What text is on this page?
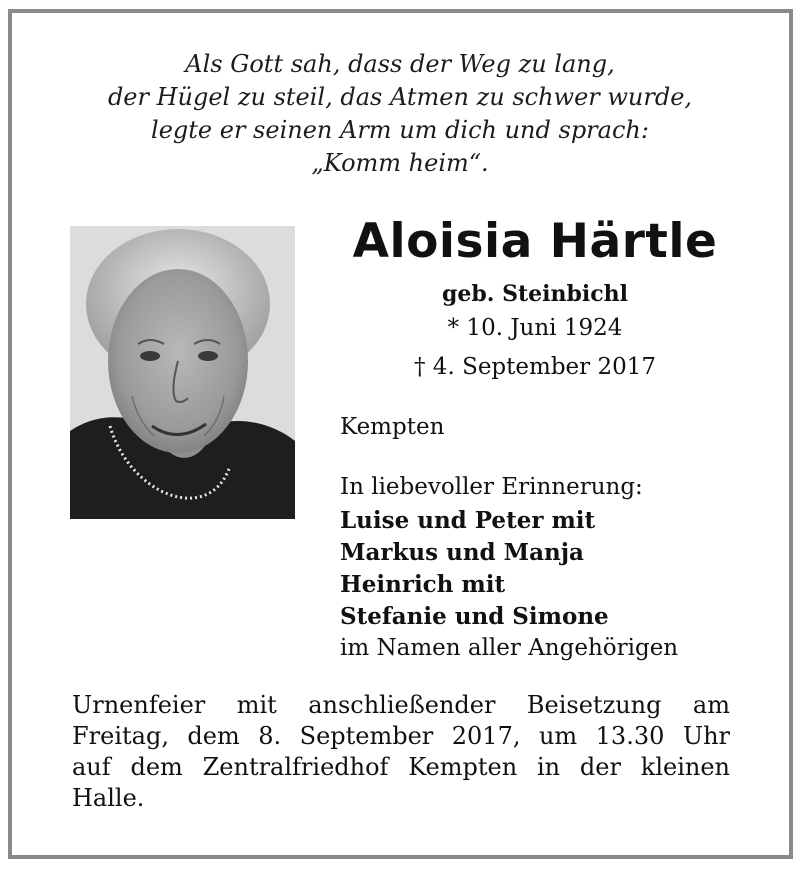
Als Gott sah, dass der Weg zu lang,
der Hügel zu steil, das Atmen zu schwer wurde,
legte er seinen Arm um dich und sprach:
„Komm heim“.
Aloisia Härtle
geb. Steinbichl
* 10. Juni 1924
† 4. September 2017
Kempten
In liebevoller Erinnerung:
Luise und Peter mit
Markus und Manja
Heinrich mit
Stefanie und Simone
im Namen aller Angehörigen
Urnenfeier mit anschließender Beisetzung am
Freitag, dem 8. September 2017, um 13.30 Uhr
auf dem Zentralfriedhof Kempten in der kleinen
Halle.
